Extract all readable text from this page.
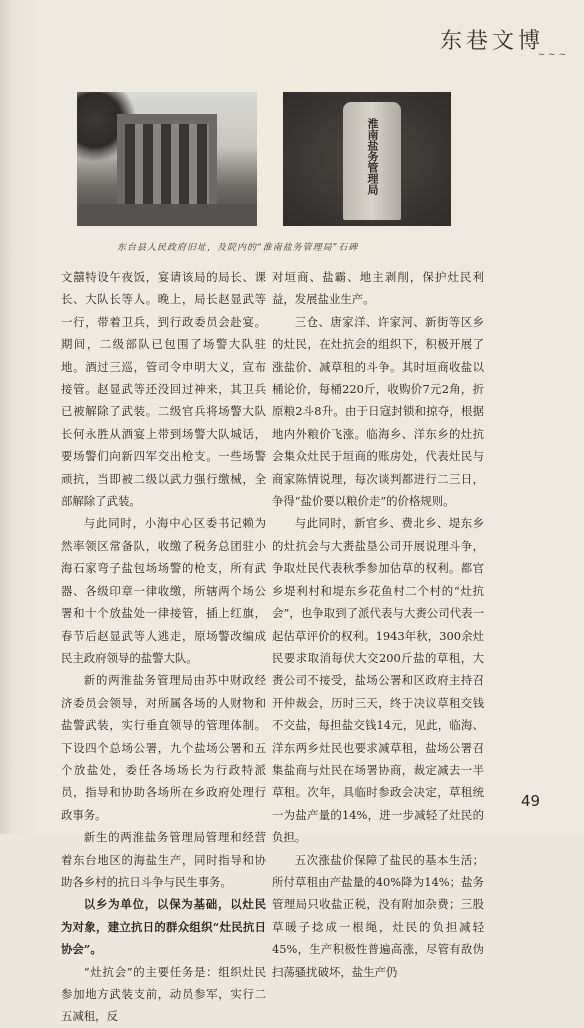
东巷文博
~ ~ ~
淮南盐务管理局
东台县人民政府旧址，及院内的“淮南盐务管理局”石碑

文囍特设午夜饭，宴请该局的局长、课长、大队长等人。晚上，局长赵显武等一行，带着卫兵，到行政委员会赴宴。期间，二级部队已包围了场警大队驻地。酒过三巡，管司令申明大义，宣布接管。赵显武等还没回过神来，其卫兵已被解除了武装。二级官兵将场警大队长何永胜从酒宴上带到场警大队城话，要场警们向新四军交出枪支。一些场警顽抗，当即被二级以武力强行缴械，全部解除了武装。

与此同时，小海中心区委书记赖为然率领区常备队，收缴了税务总团驻小海石家弯子盐包场场警的枪支，所有武器、各级印章一律收缴，所辖两个场公署和十个放盐处一律接管，插上红旗，春节后赵显武等人逃走，原场警改编成民主政府领导的盐警大队。

新的两淮盐务管理局由苏中财政经济委员会领导，对所属各场的人财物和盐警武装，实行垂直领导的管理体制。下设四个总场公署，九个盐场公署和五个放盐处，委任各场场长为行政特派员，指导和协助各场所在乡政府处理行政事务。

新生的两淮盐务管理局管理和经营着东台地区的海盐生产，同时指导和协助各乡村的抗日斗争与民生事务。

以乡为单位，以保为基础，以灶民为对象，建立抗日的群众组织“灶民抗日协会”。

“灶抗会”的主要任务是：组织灶民参加地方武装支前，动员参军，实行二五减租，反

对垣商、盐霸、地主剥削，保护灶民利益，发展盐业生产。

三仓、唐家洋、许家河、新街等区乡的灶民，在灶抗会的组织下，积极开展了涨盐价、减草租的斗争。其时垣商收盐以桶论价，每桶220斤，收购价7元2角，折原粮2斗8升。由于日寇封锁和掠夺，根据地内外粮价飞涨。临海乡、洋东乡的灶抗会集众灶民于垣商的账房处，代表灶民与商家陈情说理，每次谈判都进行二三日，争得“盐价要以粮价走”的价格规则。

与此同时，新官乡、费北乡、堤东乡的灶抗会与大赉盐垦公司开展说理斗争，争取灶民代表秋季参加估草的权利。都官乡堤利村和堤东乡花鱼村二个村的“灶抗会”，也争取到了派代表与大赉公司代表一起估草评价的权利。1943年秋，300余灶民要求取消每伏大交200斤盐的草租，大赉公司不接受，盐场公署和区政府主持召开仲裁会，历时三天，终于决议草租交钱不交盐，每担盐交钱14元，见此，临海、洋东两乡灶民也要求减草租，盐场公署召集盐商与灶民在场署协商，裁定减去一半草租。次年，具临时参政会决定，草租统一为盐产量的14%，进一步减轻了灶民的负担。

五次涨盐价保障了盐民的基本生活；所付草租由产盐量的40%降为14%；盐务管理局只收盐正税，没有附加杂费；三股草暖子捻成一根绳，灶民的负担减轻45%，生产积极性普遍高涨，尽管有敌伪扫荡骚扰破坏，盐生产仍

49
